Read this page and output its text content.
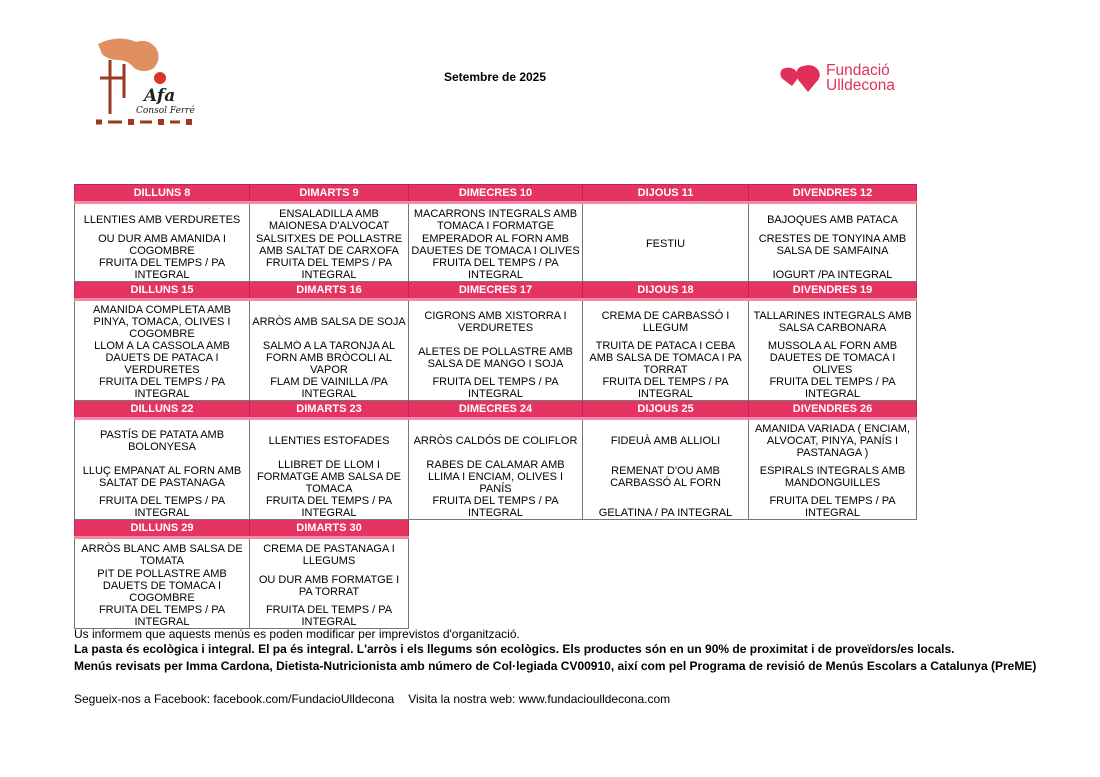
Afa
Consol Ferré
Setembre de 2025	Fundació
Ulldecona
DILLUNS 8	DIMARTS 9	DIMECRES 10	DIJOUS 11	DIVENDRES 12
LLENTIES AMB VERDURETES	ENSALADILLA AMB MAIONESA D'ALVOCAT	MACARRONS INTEGRALS AMB TOMACA I FORMATGE	FESTIU	BAJOQUES AMB PATACA
OU DUR AMB AMANIDA I COGOMBRE	SALSITXES DE POLLASTRE AMB SALTAT DE CARXOFA	EMPERADOR AL FORN AMB DAUETES DE TOMACA I OLIVES		CRESTES DE TONYINA AMB SALSA DE SAMFAINA
FRUITA DEL TEMPS / PA INTEGRAL	FRUITA DEL TEMPS / PA INTEGRAL	FRUITA DEL TEMPS / PA INTEGRAL		IOGURT /PA INTEGRAL
DILLUNS 15	DIMARTS 16	DIMECRES 17	DIJOUS 18	DIVENDRES 19
AMANIDA COMPLETA AMB PINYA, TOMACA, OLIVES I COGOMBRE	ARRÒS AMB SALSA DE SOJA	CIGRONS AMB XISTORRA I VERDURETES	CREMA DE CARBASSÓ I LLEGUM	TALLARINES INTEGRALS AMB SALSA CARBONARA
LLOM A LA CASSOLA AMB DAUETS DE PATACA I VERDURETES	SALMÓ A LA TARONJA AL FORN AMB BRÒCOLI AL VAPOR	ALETES DE POLLASTRE AMB SALSA DE MANGO I SOJA	TRUITA DE PATACA I CEBA AMB SALSA DE TOMACA I PA TORRAT	MUSSOLA AL FORN AMB DAUETES DE TOMACA I OLIVES
FRUITA DEL TEMPS / PA INTEGRAL	FLAM DE VAINILLA /PA INTEGRAL	FRUITA DEL TEMPS / PA INTEGRAL	FRUITA DEL TEMPS / PA INTEGRAL	FRUITA DEL TEMPS / PA INTEGRAL
DILLUNS 22	DIMARTS 23	DIMECRES 24	DIJOUS 25	DIVENDRES 26
PASTÍS DE PATATA AMB BOLONYESA	LLENTIES ESTOFADES	ARRÒS CALDÓS DE COLIFLOR	FIDEUÀ AMB ALLIOLI	AMANIDA VARIADA ( ENCIAM, ALVOCAT, PINYA, PANÍS I PASTANAGA )
LLUÇ EMPANAT AL FORN AMB SALTAT DE PASTANAGA	LLIBRET DE LLOM I FORMATGE AMB SALSA DE TOMACA	RABES DE CALAMAR AMB LLIMA I ENCIAM, OLIVES I PANÍS	REMENAT D'OU AMB CARBASSÓ AL FORN	ESPIRALS INTEGRALS AMB MANDONGUILLES
FRUITA DEL TEMPS / PA INTEGRAL	FRUITA DEL TEMPS / PA INTEGRAL	FRUITA DEL TEMPS / PA INTEGRAL	GELATINA / PA INTEGRAL	FRUITA DEL TEMPS / PA INTEGRAL
DILLUNS 29	DIMARTS 30			
ARRÒS BLANC AMB SALSA DE TOMATA	CREMA DE PASTANAGA I LLEGUMS			
PIT DE POLLASTRE AMB DAUETS DE TOMACA I COGOMBRE	OU DUR AMB FORMATGE I PA TORRAT			
FRUITA DEL TEMPS / PA INTEGRAL	FRUITA DEL TEMPS / PA INTEGRAL			
Us informem que aquests menús es poden modificar per imprevistos d'organització.
La pasta és ecològica i integral. El pa és integral. L'arròs i els llegums són ecològics. Els productes són en un 90% de proximitat i de proveïdors/es locals.
Menús revisats per Imma Cardona, Dietista-Nutricionista amb número de Col·legiada CV00910, així com pel Programa de revisió de Menús Escolars a Catalunya (PreME)
Segueix-nos a Facebook: facebook.com/FundacioUlldecona Visita la nostra web: www.fundacioulldecona.com
